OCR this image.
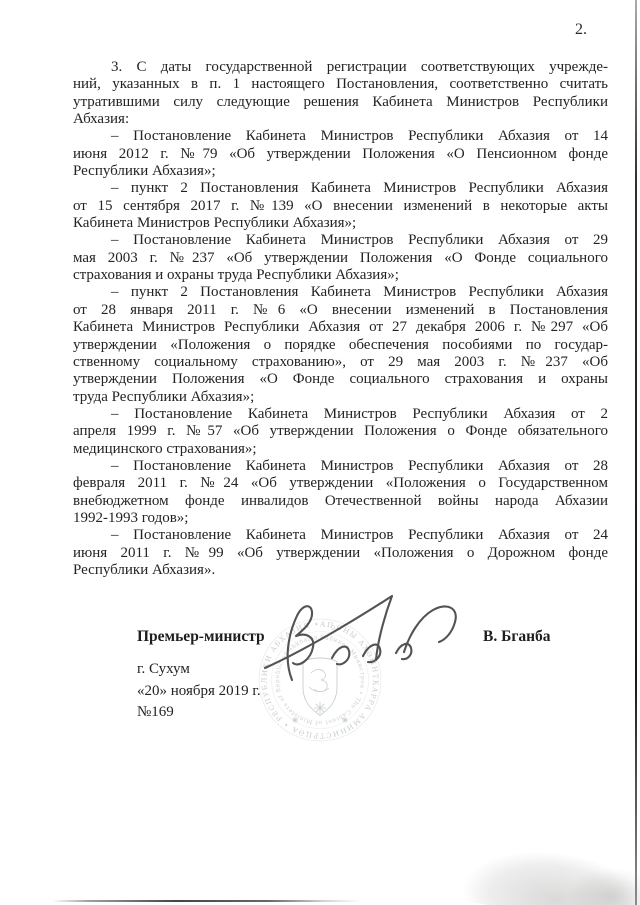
2.
3. С даты государственной регистрации соответствующих учрежде-
ний, указанных в п. 1 настоящего Постановления, соответственно считать
утратившими силу следующие решения Кабинета Министров Республики
Абхазия:
– Постановление Кабинета Министров Республики Абхазия от 14
июня 2012 г. №79 «Об утверждении Положения «О Пенсионном фонде
Республики Абхазия»;
– пункт 2 Постановления Кабинета Министров Республики Абхазия
от 15 сентября 2017 г. №139 «О внесении изменений в некоторые акты
Кабинета Министров Республики Абхазия»;
– Постановление Кабинета Министров Республики Абхазия от 29
мая 2003 г. №237 «Об утверждении Положения «О Фонде социального
страхования и охраны труда Республики Абхазия»;
– пункт 2 Постановления Кабинета Министров Республики Абхазия
от 28 января 2011 г. №6 «О внесении изменений в Постановления
Кабинета Министров Республики Абхазия от 27 декабря 2006 г. №297 «Об
утверждении «Положения о порядке обеспечения пособиями по государ-
ственному социальному страхованию», от 29 мая 2003 г. №237 «Об
утверждении Положения «О Фонде социального страхования и охраны
труда Республики Абхазия»;
– Постановление Кабинета Министров Республики Абхазия от 2
апреля 1999 г. №57 «Об утверждении Положения о Фонде обязательного
медицинского страхования»;
– Постановление Кабинета Министров Республики Абхазия от 28
февраля 2011 г. №24 «Об утверждении «Положения о Государственном
внебюджетном фонде инвалидов Отечественной войны народа Абхазии
1992-1993 годов»;
– Постановление Кабинета Министров Республики Абхазия от 24
июня 2011 г. №99 «Об утверждении «Положения о Дорожном фонде
Республики Абхазия».
АҦСНЫ АҲӘЫНҬҚАРРА АМИНИСТРЦӘА • РЕСПУБЛИКИ АБХАЗИЯ •
Кабинет Министров • The Cabinet of Ministers of Republic of Abkhazia
Премьер-министр	В. Бганба
г. Сухум
«20» ноября 2019 г.
№169
